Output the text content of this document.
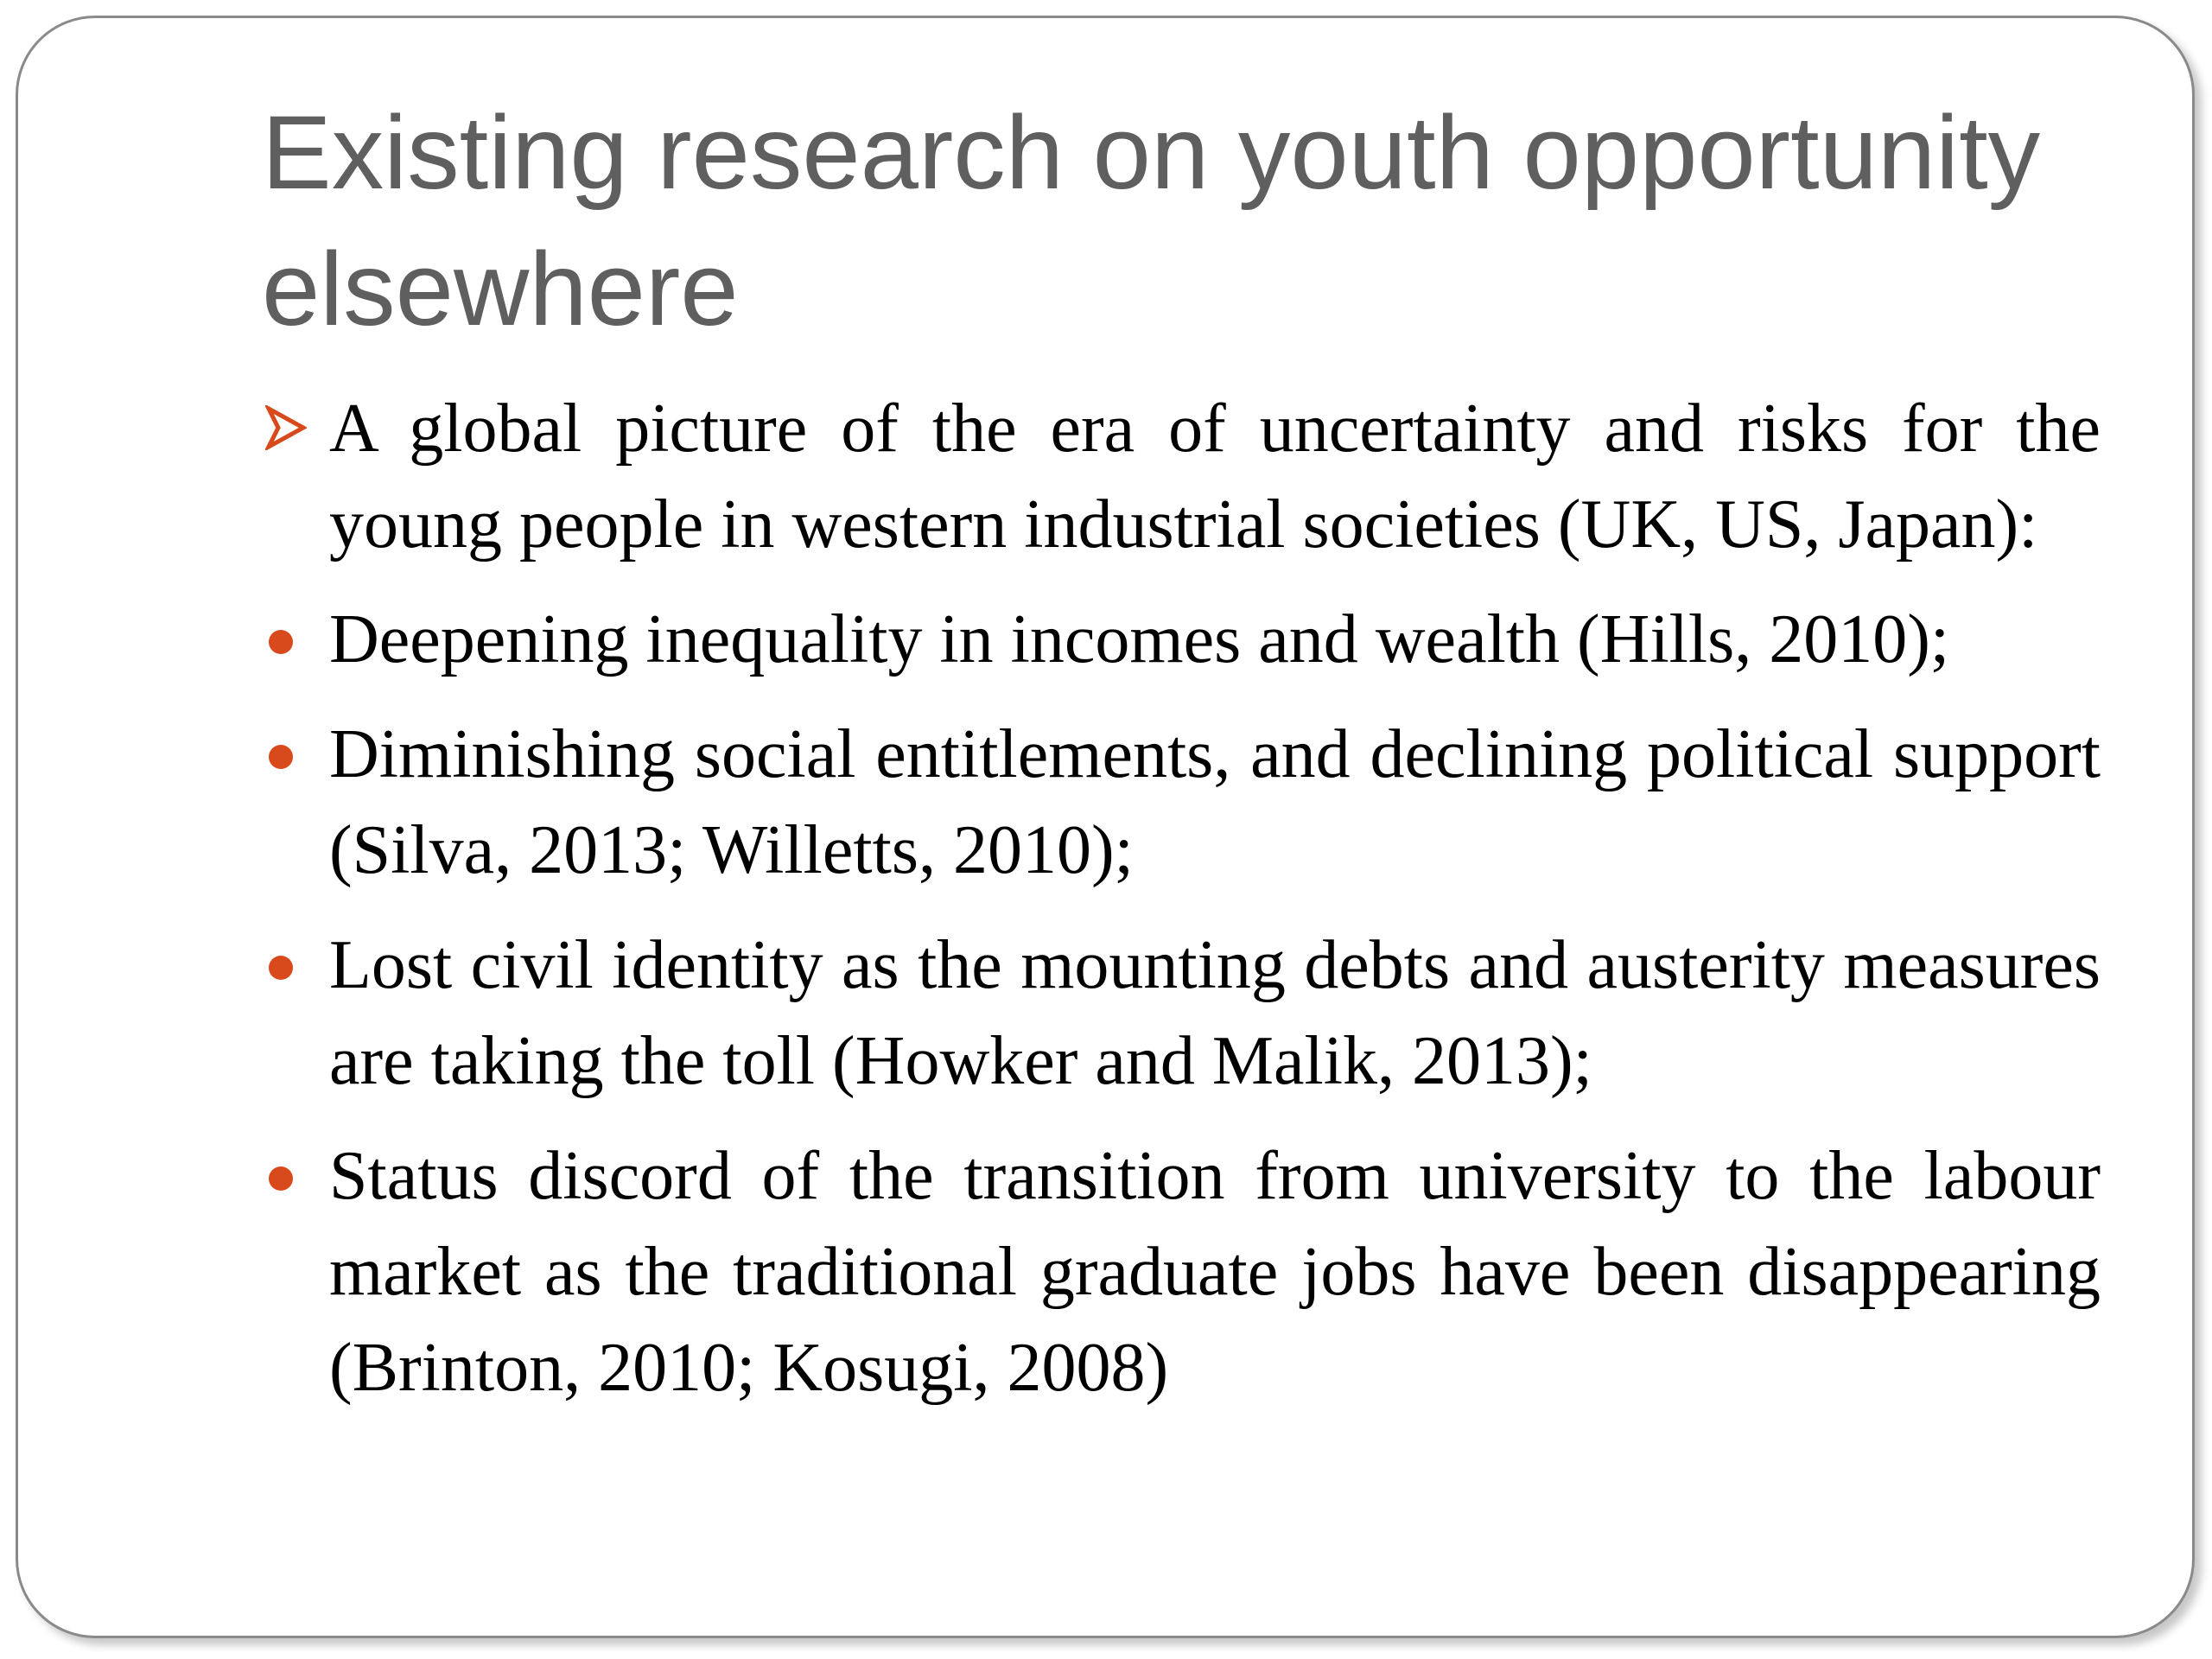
Existing research on youth opportunity elsewhere
A global picture of the era of uncertainty and risks for the young people in western industrial societies (UK, US, Japan):
Deepening inequality in incomes and wealth (Hills, 2010);
Diminishing social entitlements, and declining political support (Silva, 2013; Willetts, 2010);
Lost civil identity as the mounting debts and austerity measures are taking the toll (Howker and Malik, 2013);
Status discord of the transition from university to the labour market as the traditional graduate jobs have been disappearing (Brinton, 2010; Kosugi, 2008)
